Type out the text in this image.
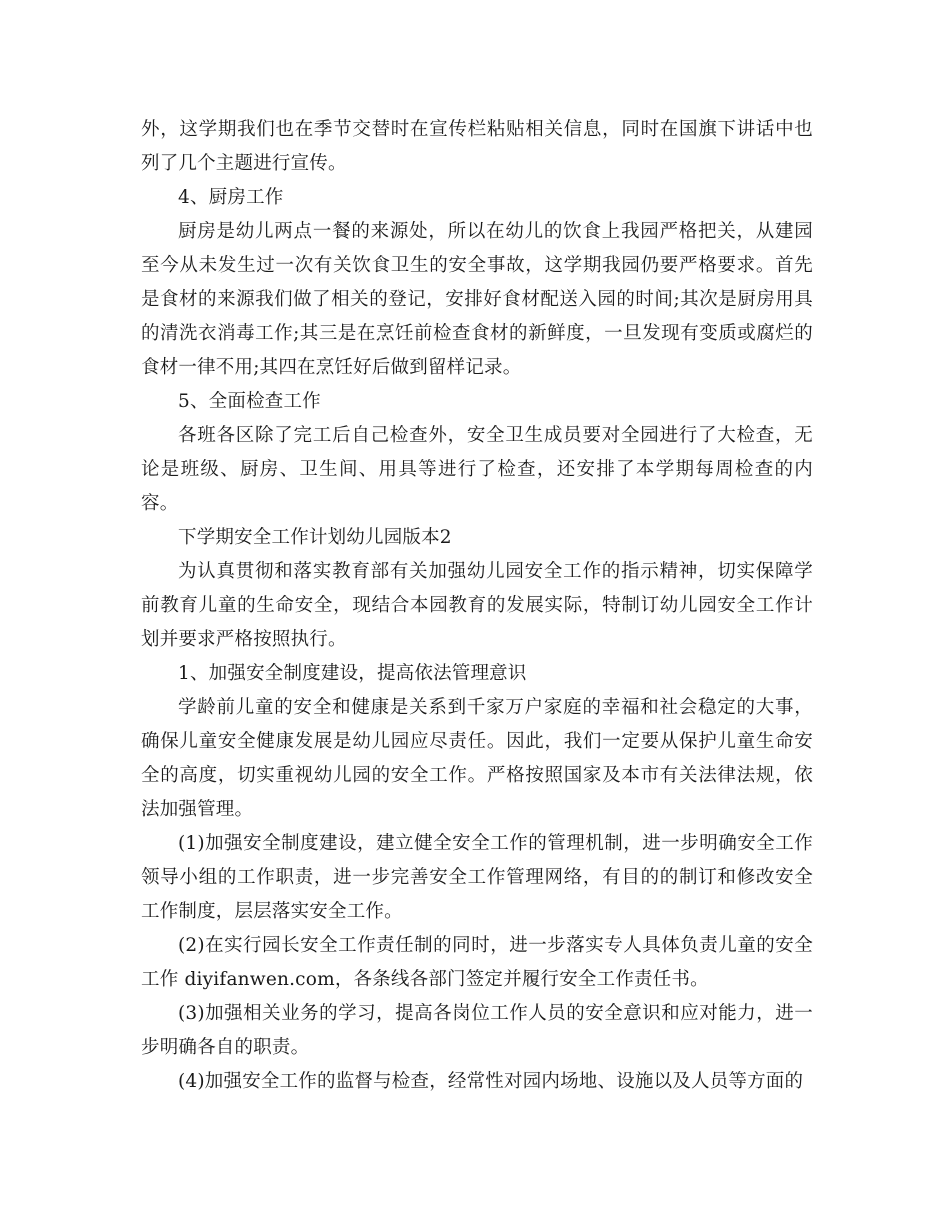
外，这学期我们也在季节交替时在宣传栏粘贴相关信息，同时在国旗下讲话中也列了几个主题进行宣传。

4、厨房工作

厨房是幼儿两点一餐的来源处，所以在幼儿的饮食上我园严格把关，从建园至今从未发生过一次有关饮食卫生的安全事故，这学期我园仍要严格要求。首先是食材的来源我们做了相关的登记，安排好食材配送入园的时间;其次是厨房用具的清洗衣消毒工作;其三是在烹饪前检查食材的新鲜度，一旦发现有变质或腐烂的食材一律不用;其四在烹饪好后做到留样记录。

5、全面检查工作

各班各区除了完工后自己检查外，安全卫生成员要对全园进行了大检查，无论是班级、厨房、卫生间、用具等进行了检查，还安排了本学期每周检查的内容。

下学期安全工作计划幼儿园版本2

为认真贯彻和落实教育部有关加强幼儿园安全工作的指示精神，切实保障学前教育儿童的生命安全，现结合本园教育的发展实际，特制订幼儿园安全工作计划并要求严格按照执行。

1、加强安全制度建设，提高依法管理意识

学龄前儿童的安全和健康是关系到千家万户家庭的幸福和社会稳定的大事，确保儿童安全健康发展是幼儿园应尽责任。因此，我们一定要从保护儿童生命安全的高度，切实重视幼儿园的安全工作。严格按照国家及本市有关法律法规，依法加强管理。

(1)加强安全制度建设，建立健全安全工作的管理机制，进一步明确安全工作领导小组的工作职责，进一步完善安全工作管理网络，有目的的制订和修改安全工作制度，层层落实安全工作。

(2)在实行园长安全工作责任制的同时，进一步落实专人具体负责儿童的安全工作 diyifanwen.com，各条线各部门签定并履行安全工作责任书。

(3)加强相关业务的学习，提高各岗位工作人员的安全意识和应对能力，进一步明确各自的职责。

(4)加强安全工作的监督与检查，经常性对园内场地、设施以及人员等方面的
